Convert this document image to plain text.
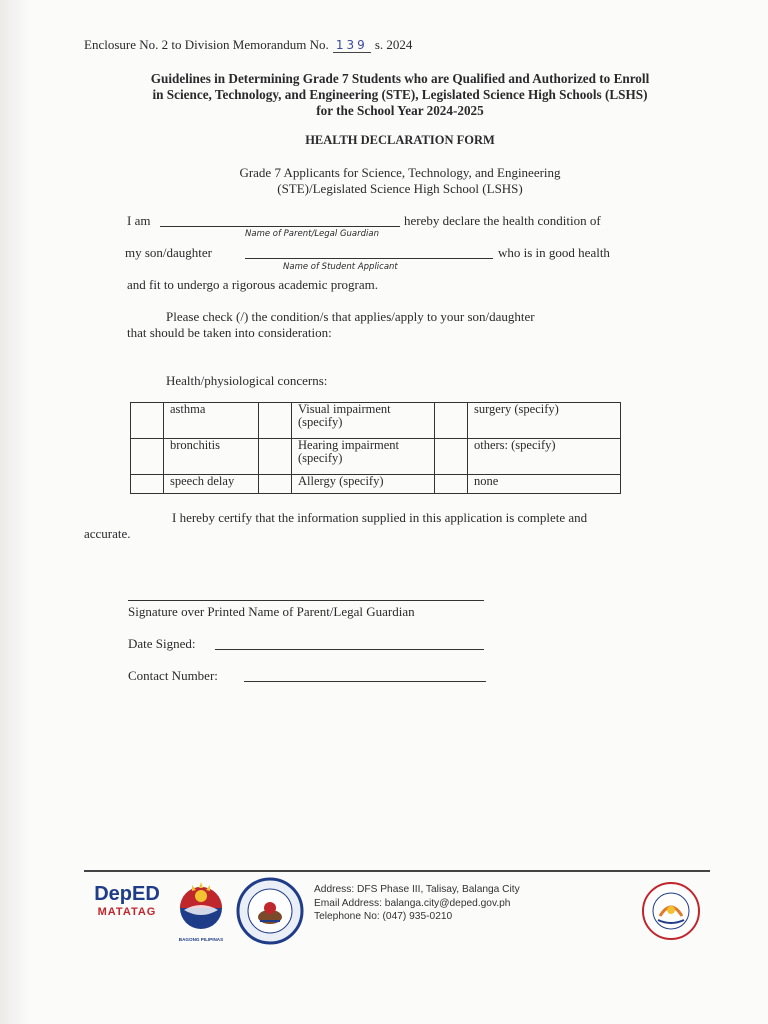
Enclosure No. 2 to Division Memorandum No. 139 s. 2024
Guidelines in Determining Grade 7 Students who are Qualified and Authorized to Enroll
in Science, Technology, and Engineering (STE), Legislated Science High Schools (LSHS)
for the School Year 2024-2025
HEALTH DECLARATION FORM
Grade 7 Applicants for Science, Technology, and Engineering
(STE)/Legislated Science High School (LSHS)
I am	hereby declare the health condition of
Name of Parent/Legal Guardian
my son/daughter	who is in good health
Name of Student Applicant
and fit to undergo a rigorous academic program.
Please check (/) the condition/s that applies/apply to your son/daughter
that should be taken into consideration:
Health/physiological concerns:
	asthma		Visual impairment (specify)		surgery (specify)
	bronchitis		Hearing impairment (specify)		others: (specify)
	speech delay		Allergy (specify)		none
I hereby certify that the information supplied in this application is complete and
accurate.
Signature over Printed Name of Parent/Legal Guardian
Date Signed:
Contact Number:
DepED
MATATAG
BAGONG PILIPINAS
Address: DFS Phase III, Talisay, Balanga City
Email Address: balanga.city@deped.gov.ph
Telephone No: (047) 935-0210
